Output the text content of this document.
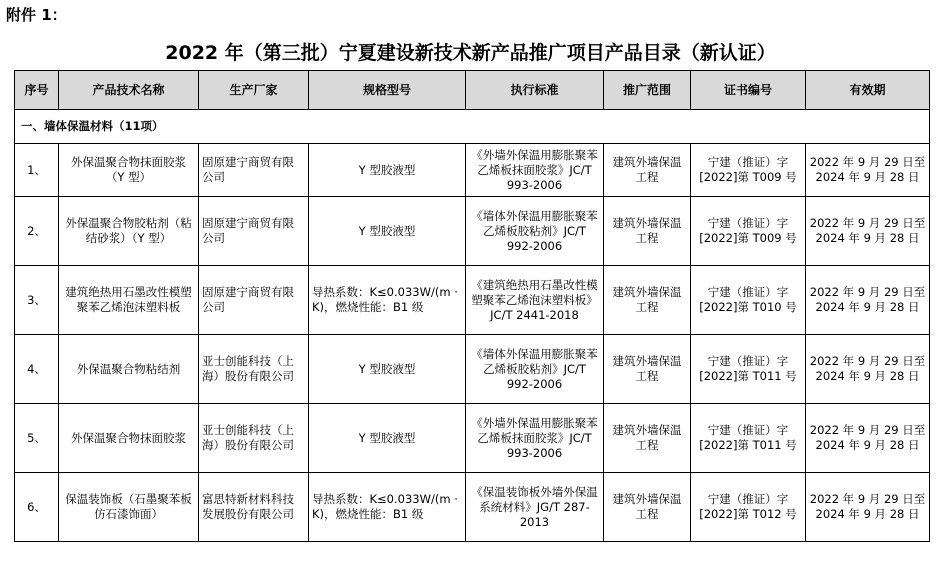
附件 1：
2022 年（第三批）宁夏建设新技术新产品推广项目产品目录（新认证）
序号	产品技术名称	生产厂家	规格型号	执行标准	推广范围	证书编号	有效期
一、墙体保温材料（11项）							
1、	外保温聚合物抹面胶浆（Y 型）	固原建宁商贸有限公司	Y 型胶液型	《外墙外保温用膨胀聚苯乙烯板抹面胶浆》JC/T 993-2006	建筑外墙保温工程	宁建（推证）字[2022]第 T009 号	2022 年 9 月 29 日至 2024 年 9 月 28 日
2、	外保温聚合物胶粘剂（粘结砂浆）（Y 型）	固原建宁商贸有限公司	Y 型胶液型	《墙体外保温用膨胀聚苯乙烯板胶粘剂》JC/T 992-2006	建筑外墙保温工程	宁建（推证）字[2022]第 T009 号	2022 年 9 月 29 日至 2024 年 9 月 28 日
3、	建筑绝热用石墨改性模塑聚苯乙烯泡沫塑料板	固原建宁商贸有限公司	导热系数：K≤0.033W/(m · K)，燃烧性能：B1 级	《建筑绝热用石墨改性模塑聚苯乙烯泡沫塑料板》JC/T 2441-2018	建筑外墙保温工程	宁建（推证）字[2022]第 T010 号	2022 年 9 月 29 日至 2024 年 9 月 28 日
4、	外保温聚合物粘结剂	亚士创能科技（上海）股份有限公司	Y 型胶液型	《墙体外保温用膨胀聚苯乙烯板胶粘剂》JC/T 992-2006	建筑外墙保温工程	宁建（推证）字[2022]第 T011 号	2022 年 9 月 29 日至 2024 年 9 月 28 日
5、	外保温聚合物抹面胶浆	亚士创能科技（上海）股份有限公司	Y 型胶液型	《外墙外保温用膨胀聚苯乙烯板抹面胶浆》JC/T 993-2006	建筑外墙保温工程	宁建（推证）字[2022]第 T011 号	2022 年 9 月 29 日至 2024 年 9 月 28 日
6、	保温装饰板（石墨聚苯板仿石漆饰面）	富思特新材料科技发展股份有限公司	导热系数：K≤0.033W/(m · K)，燃烧性能：B1 级	《保温装饰板外墙外保温系统材料》JG/T 287-2013	建筑外墙保温工程	宁建（推证）字[2022]第 T012 号	2022 年 9 月 29 日至 2024 年 9 月 28 日
